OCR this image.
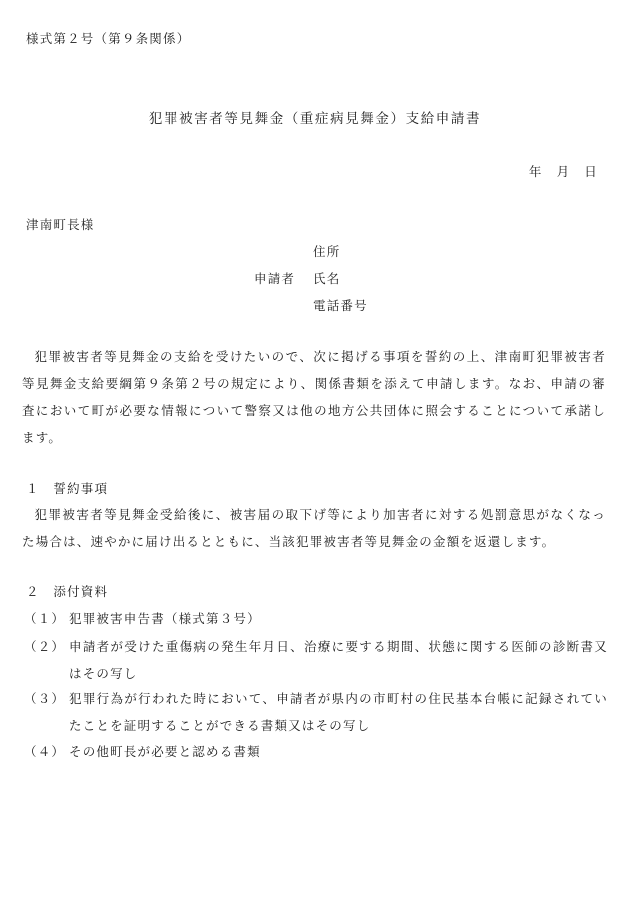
様式第２号（第９条関係）
犯罪被害者等見舞金（重症病見舞金）支給申請書
年 月 日
津南町長様
申請者
住所
氏名
電話番号

犯罪被害者等見舞金の支給を受けたいので、次に掲げる事項を誓約の上、津南町犯罪被害者等見舞金支給要綱第９条第２号の規定により、関係書類を添えて申請します。なお、申請の審査において町が必要な情報について警察又は他の地方公共団体に照会することについて承諾します。

１　誓約事項

犯罪被害者等見舞金受給後に、被害届の取下げ等により加害者に対する処罰意思がなくなった場合は、速やかに届け出るとともに、当該犯罪被害者等見舞金の金額を返還します。

２　添付資料
（１） 犯罪被害申告書（様式第３号）
（２） 申請者が受けた重傷病の発生年月日、治療に要する期間、状態に関する医師の診断書又はその写し
（３） 犯罪行為が行われた時において、申請者が県内の市町村の住民基本台帳に記録されていたことを証明することができる書類又はその写し
（４） その他町長が必要と認める書類
